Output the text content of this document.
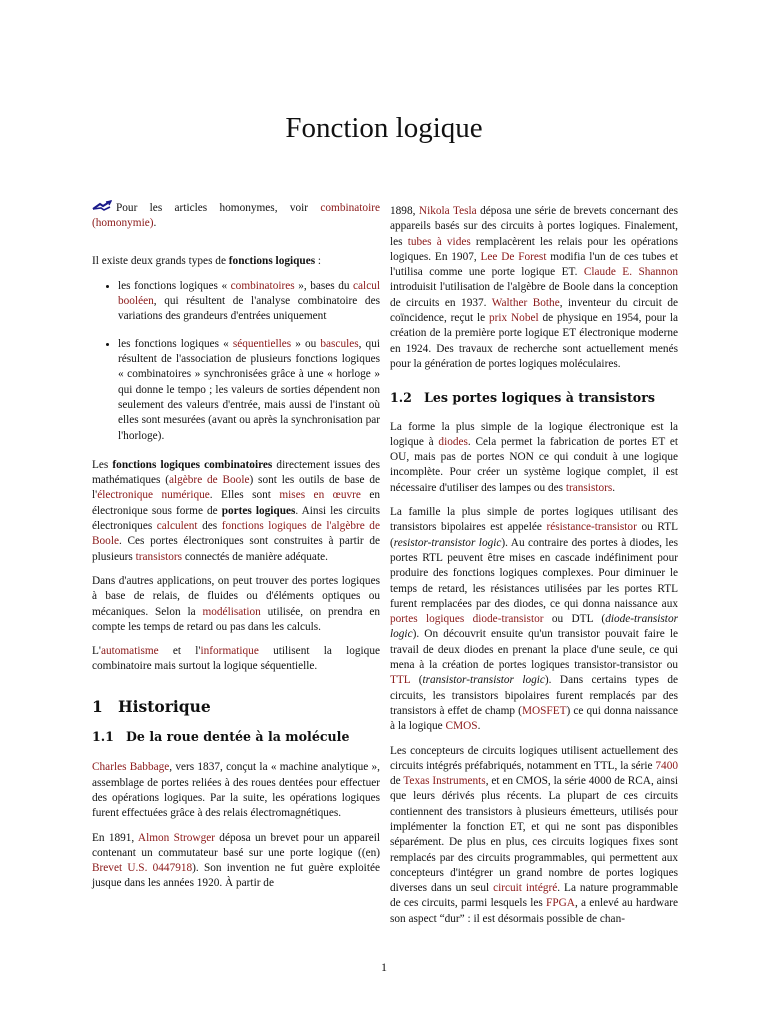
Fonction logique

Pour les articles homonymes, voir combinatoire (homonymie).

Il existe deux grands types de fonctions logiques :

• les fonctions logiques « combinatoires », bases du calcul booléen, qui résultent de l'analyse combinatoire des variations des grandeurs d'entrées uniquement
• les fonctions logiques « séquentielles » ou bascules, qui résultent de l'association de plusieurs fonctions logiques « combinatoires » synchronisées grâce à une « horloge » qui donne le tempo ; les valeurs de sorties dépendent non seulement des valeurs d'entrée, mais aussi de l'instant où elles sont mesurées (avant ou après la synchronisation par l'horloge).

Les fonctions logiques combinatoires directement issues des mathématiques (algèbre de Boole) sont les outils de base de l'électronique numérique. Elles sont mises en œuvre en électronique sous forme de portes logiques. Ainsi les circuits électroniques calculent des fonctions logiques de l'algèbre de Boole. Ces portes électroniques sont construites à partir de plusieurs transistors connectés de manière adéquate.

Dans d'autres applications, on peut trouver des portes logiques à base de relais, de fluides ou d'éléments optiques ou mécaniques. Selon la modélisation utilisée, on prendra en compte les temps de retard ou pas dans les calculs.

L'automatisme et l'informatique utilisent la logique combinatoire mais surtout la logique séquentielle.

1 Historique
1.1 De la roue dentée à la molécule

Charles Babbage, vers 1837, conçut la « machine analytique », assemblage de portes reliées à des roues dentées pour effectuer des opérations logiques. Par la suite, les opérations logiques furent effectuées grâce à des relais électromagnétiques.

En 1891, Almon Strowger déposa un brevet pour un appareil contenant un commutateur basé sur une porte logique ((en) Brevet U.S. 0447918). Son invention ne fut guère exploitée jusque dans les années 1920. À partir de

1898, Nikola Tesla déposa une série de brevets concernant des appareils basés sur des circuits à portes logiques. Finalement, les tubes à vides remplacèrent les relais pour les opérations logiques. En 1907, Lee De Forest modifia l'un de ces tubes et l'utilisa comme une porte logique ET. Claude E. Shannon introduisit l'utilisation de l'algèbre de Boole dans la conception de circuits en 1937. Walther Bothe, inventeur du circuit de coïncidence, reçut le prix Nobel de physique en 1954, pour la création de la première porte logique ET électronique moderne en 1924. Des travaux de recherche sont actuellement menés pour la génération de portes logiques moléculaires.

1.2 Les portes logiques à transistors

La forme la plus simple de la logique électronique est la logique à diodes. Cela permet la fabrication de portes ET et OU, mais pas de portes NON ce qui conduit à une logique incomplète. Pour créer un système logique complet, il est nécessaire d'utiliser des lampes ou des transistors.

La famille la plus simple de portes logiques utilisant des transistors bipolaires est appelée résistance-transistor ou RTL (resistor-transistor logic). Au contraire des portes à diodes, les portes RTL peuvent être mises en cascade indéfiniment pour produire des fonctions logiques complexes. Pour diminuer le temps de retard, les résistances utilisées par les portes RTL furent remplacées par des diodes, ce qui donna naissance aux portes logiques diode-transistor ou DTL (diode-transistor logic). On découvrit ensuite qu'un transistor pouvait faire le travail de deux diodes en prenant la place d'une seule, ce qui mena à la création de portes logiques transistor-transistor ou TTL (transistor-transistor logic). Dans certains types de circuits, les transistors bipolaires furent remplacés par des transistors à effet de champ (MOSFET) ce qui donna naissance à la logique CMOS.

Les concepteurs de circuits logiques utilisent actuellement des circuits intégrés préfabriqués, notamment en TTL, la série 7400 de Texas Instruments, et en CMOS, la série 4000 de RCA, ainsi que leurs dérivés plus récents. La plupart de ces circuits contiennent des transistors à plusieurs émetteurs, utilisés pour implémenter la fonction ET, et qui ne sont pas disponibles séparément. De plus en plus, ces circuits logiques fixes sont remplacés par des circuits programmables, qui permettent aux concepteurs d'intégrer un grand nombre de portes logiques diverses dans un seul circuit intégré. La nature programmable de ces circuits, parmi lesquels les FPGA, a enlevé au hardware son aspect “dur” : il est désormais possible de chan-

1
